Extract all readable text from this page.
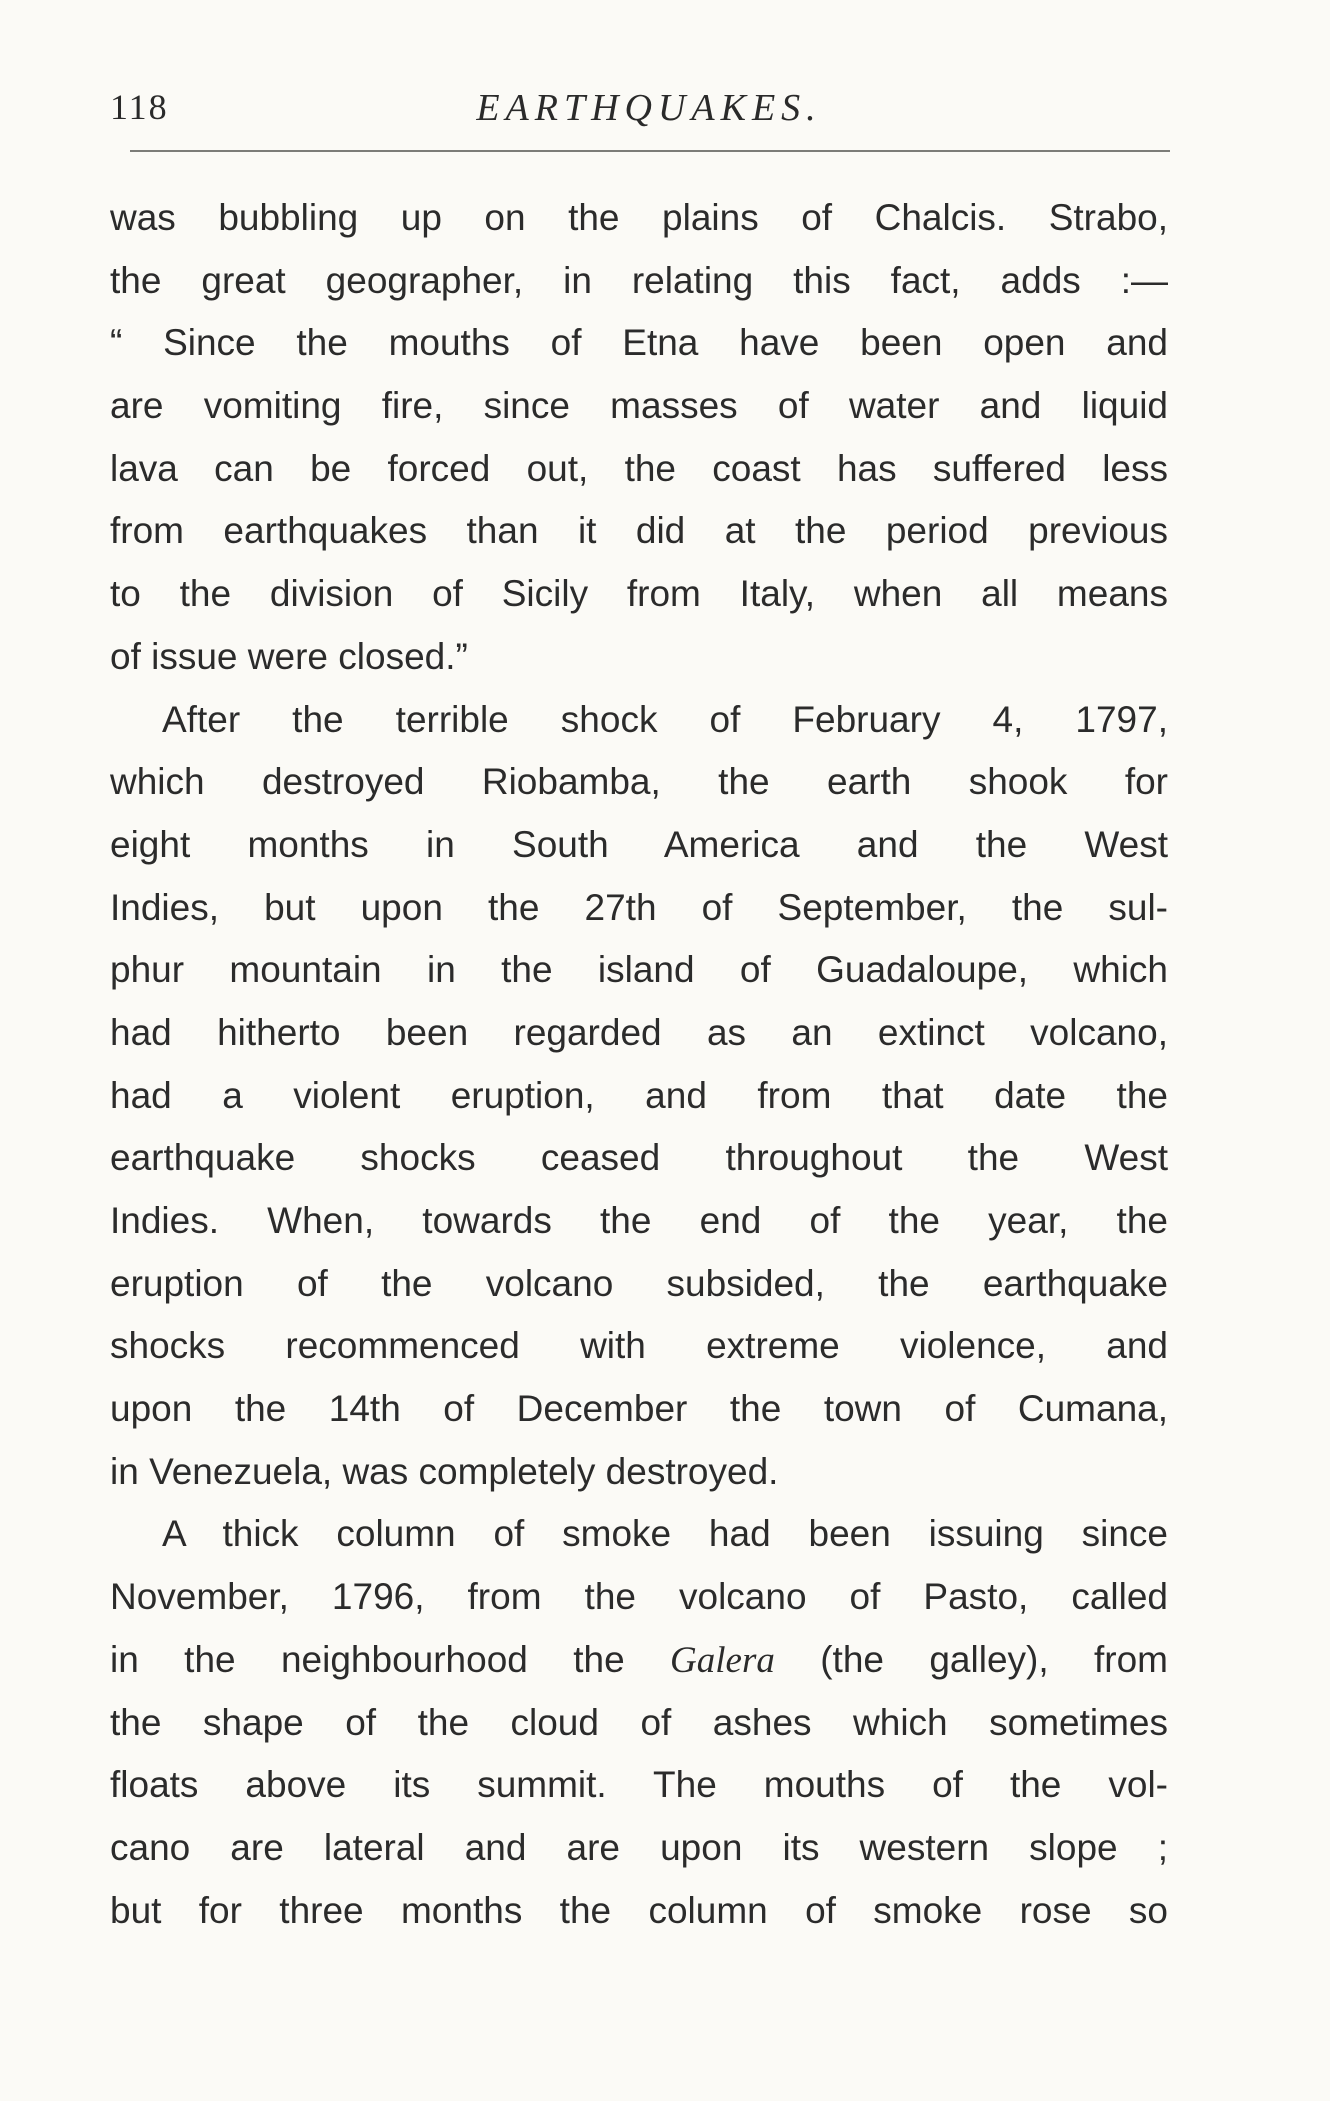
118	EARTHQUAKES.
was bubbling up on the plains of Chalcis. Strabo,
the great geographer, in relating this fact, adds :—
“ Since the mouths of Etna have been open and
are vomiting fire, since masses of water and liquid
lava can be forced out, the coast has suffered less
from earthquakes than it did at the period previous
to the division of Sicily from Italy, when all means
of issue were closed.”
After the terrible shock of February 4, 1797,
which destroyed Riobamba, the earth shook for
eight months in South America and the West
Indies, but upon the 27th of September, the sul-
phur mountain in the island of Guadaloupe, which
had hitherto been regarded as an extinct volcano,
had a violent eruption, and from that date the
earthquake shocks ceased throughout the West
Indies. When, towards the end of the year, the
eruption of the volcano subsided, the earthquake
shocks recommenced with extreme violence, and
upon the 14th of December the town of Cumana,
in Venezuela, was completely destroyed.
A thick column of smoke had been issuing since
November, 1796, from the volcano of Pasto, called
in the neighbourhood the Galera (the galley), from
the shape of the cloud of ashes which sometimes
floats above its summit. The mouths of the vol-
cano are lateral and are upon its western slope ;
but for three months the column of smoke rose so
